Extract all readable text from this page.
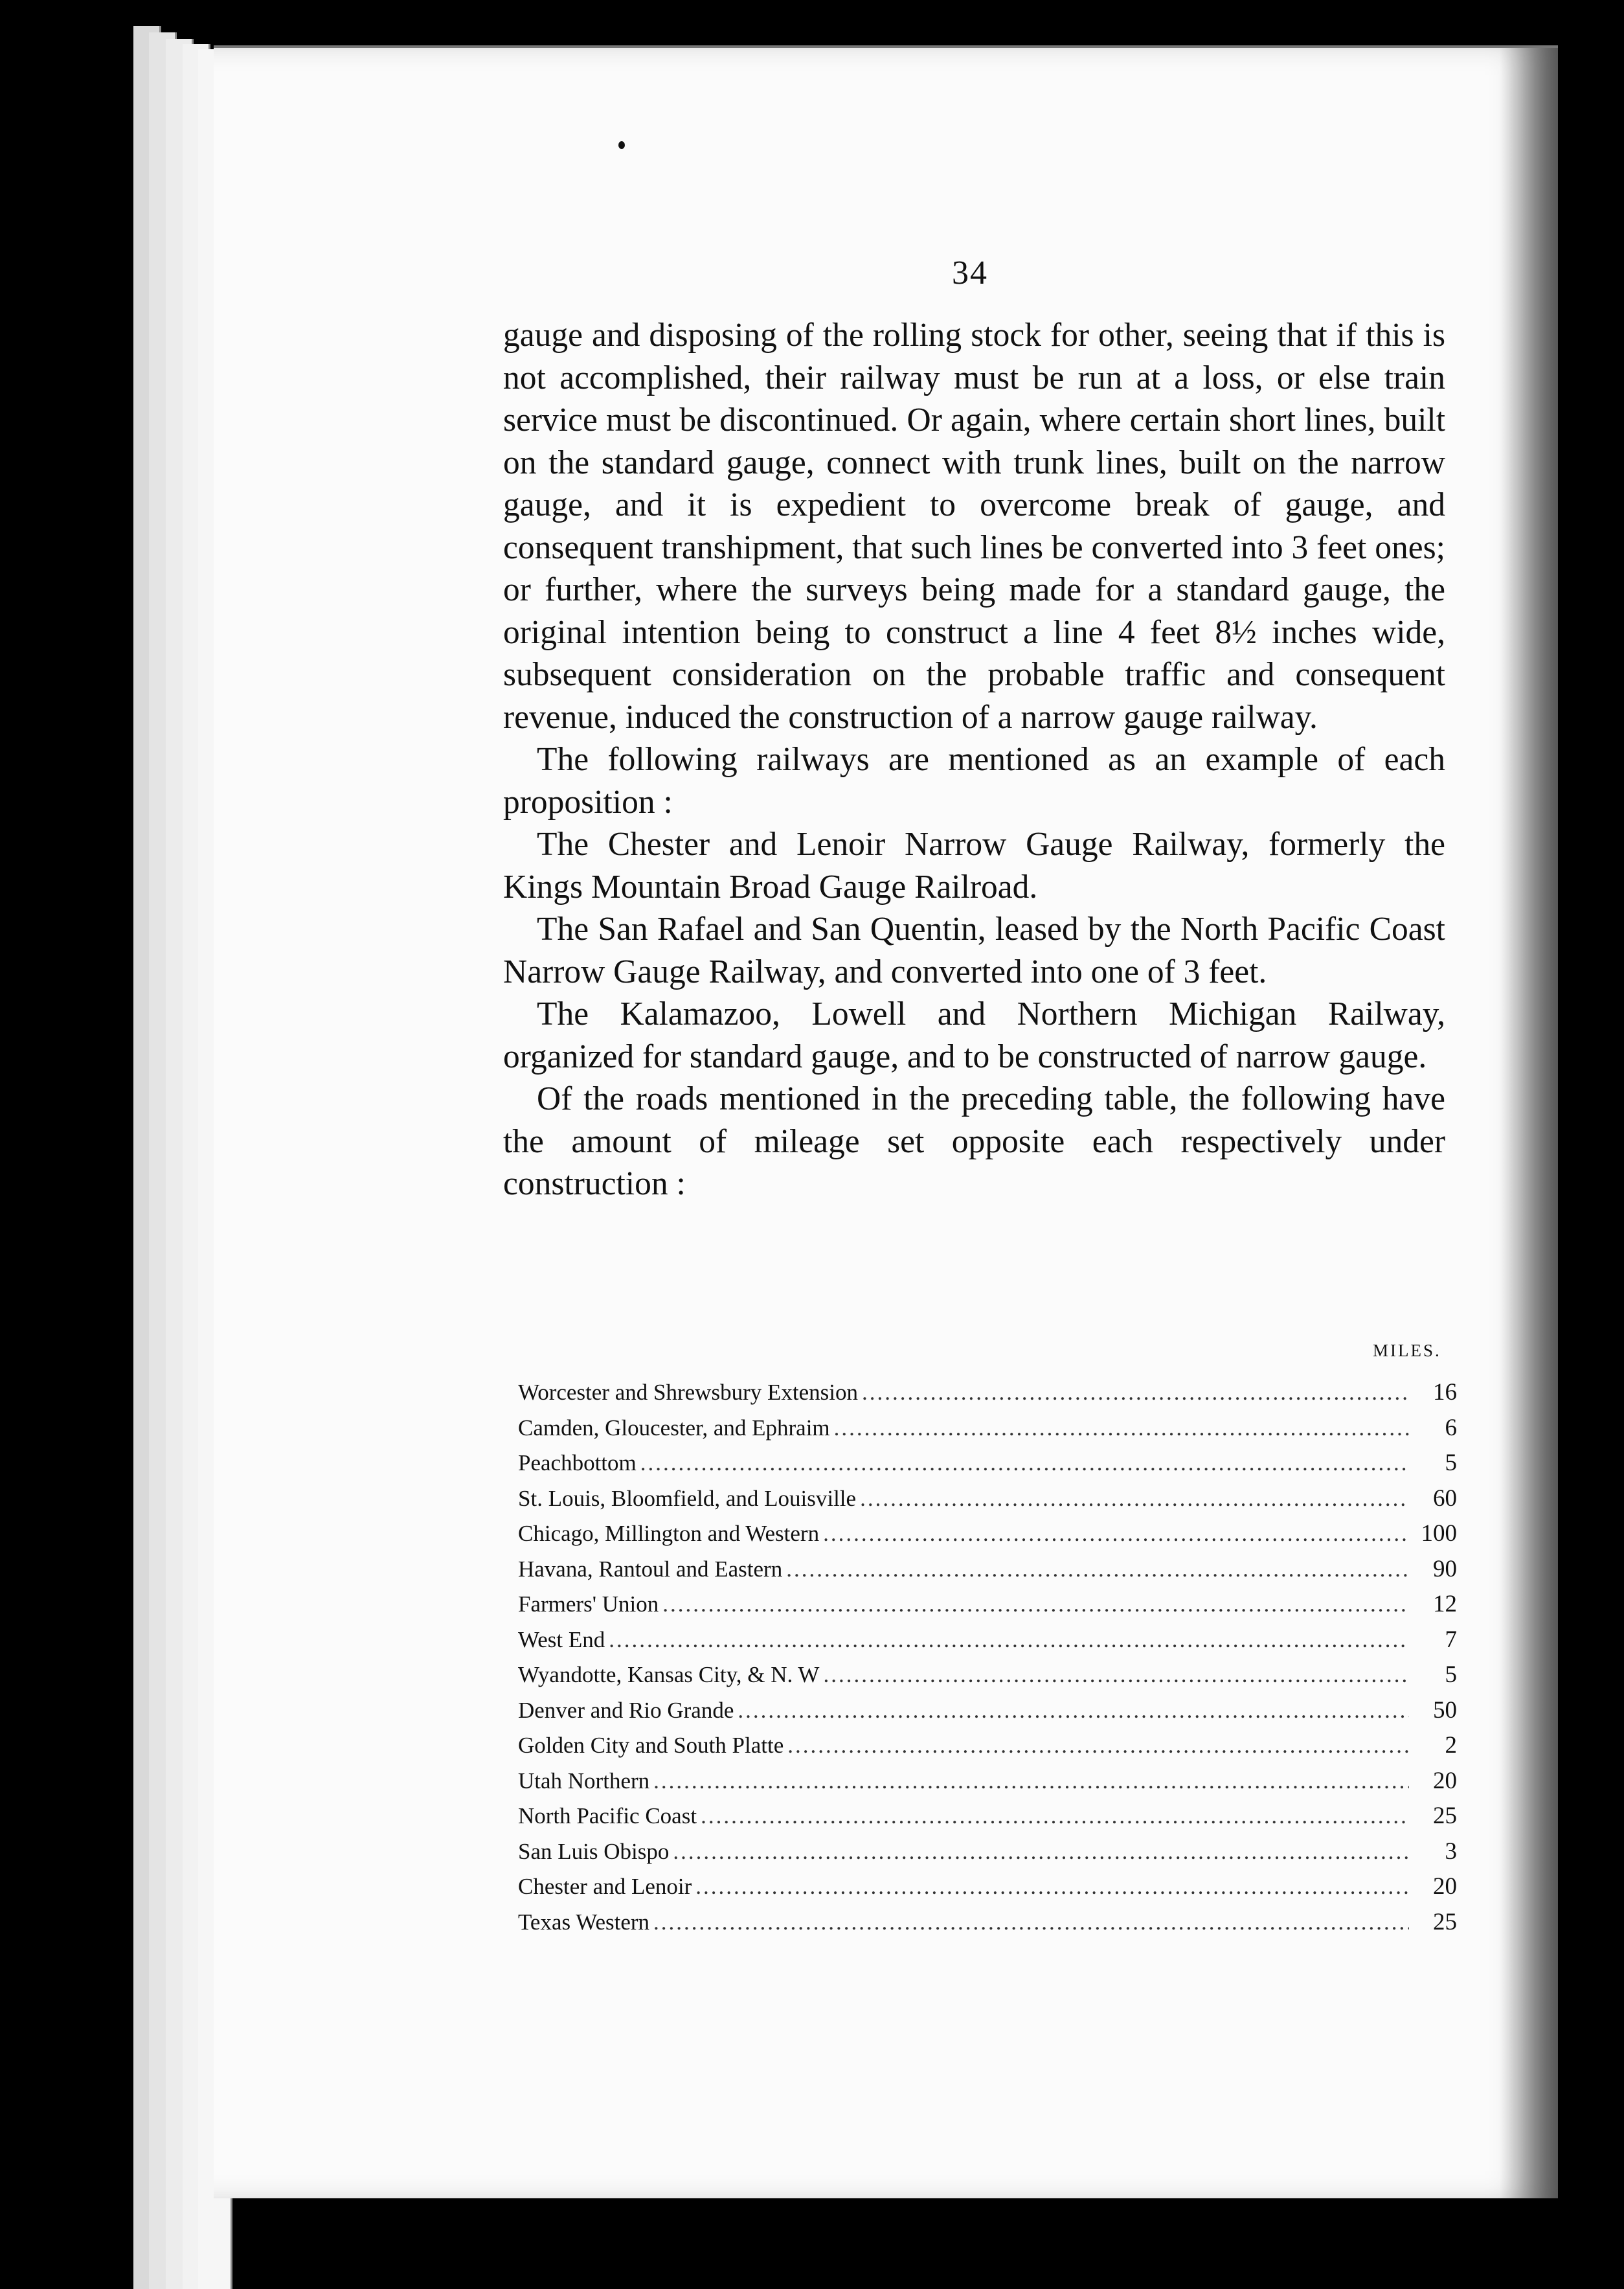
34

gauge and disposing of the rolling stock for other, seeing that if this is not accomplished, their railway must be run at a loss, or else train service must be discontinued. Or again, where certain short lines, built on the standard gauge, connect with trunk lines, built on the narrow gauge, and it is expedient to overcome break of gauge, and consequent transhipment, that such lines be converted into 3 feet ones; or further, where the surveys being made for a standard gauge, the original intention being to construct a line 4 feet 8½ inches wide, subsequent consideration on the probable traffic and consequent revenue, induced the construction of a narrow gauge railway.

The following railways are mentioned as an example of each proposition :

The Chester and Lenoir Narrow Gauge Railway, formerly the Kings Mountain Broad Gauge Railroad.

The San Rafael and San Quentin, leased by the North Pacific Coast Narrow Gauge Railway, and converted into one of 3 feet.

The Kalamazoo, Lowell and Northern Michigan Railway, organized for standard gauge, and to be constructed of narrow gauge.

Of the roads mentioned in the preceding table, the following have the amount of mileage set opposite each respectively under construction :

MILES.
Worcester and Shrewsbury Extension .....	16
Camden, Gloucester, and Ephraim .....	6
Peachbottom .....	5
St. Louis, Bloomfield, and Louisville .....	60
Chicago, Millington and Western .....	100
Havana, Rantoul and Eastern .....	90
Farmers' Union .....	12
West End .....	7
Wyandotte, Kansas City, & N. W .....	5
Denver and Rio Grande .....	50
Golden City and South Platte .....	2
Utah Northern .....	20
North Pacific Coast .....	25
San Luis Obispo .....	3
Chester and Lenoir .....	20
Texas Western .....	25
